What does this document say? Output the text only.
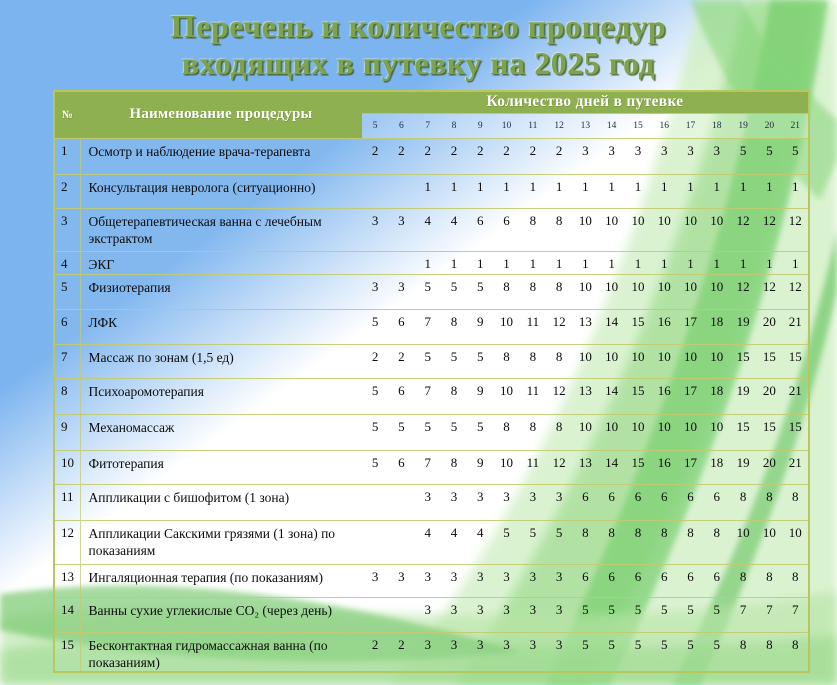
Перечень и количество процедур
входящих в путевку на 2025 год
№	Наименование процедуры	Количество дней в путевке																
		5	6	7	8	9	10	11	12	13	14	15	16	17	18	19	20	21
1	Осмотр и наблюдение врача-терапевта	2	2	2	2	2	2	2	2	3	3	3	3	3	3	5	5	5
2	Консультация невролога (ситуационно)			1	1	1	1	1	1	1	1	1	1	1	1	1	1	1
3	Общетерапевтическая ванна с лечебным экстрактом	3	3	4	4	6	6	8	8	10	10	10	10	10	10	12	12	12
4	ЭКГ			1	1	1	1	1	1	1	1	1	1	1	1	1	1	1
5	Физиотерапия	3	3	5	5	5	8	8	8	10	10	10	10	10	10	12	12	12
6	ЛФК	5	6	7	8	9	10	11	12	13	14	15	16	17	18	19	20	21
7	Массаж по зонам (1,5 ед)	2	2	5	5	5	8	8	8	10	10	10	10	10	10	15	15	15
8	Психоаромотерапия	5	6	7	8	9	10	11	12	13	14	15	16	17	18	19	20	21
9	Механомассаж	5	5	5	5	5	8	8	8	10	10	10	10	10	10	15	15	15
10	Фитотерапия	5	6	7	8	9	10	11	12	13	14	15	16	17	18	19	20	21
11	Аппликации с бишофитом (1 зона)			3	3	3	3	3	3	6	6	6	6	6	6	8	8	8
12	Аппликации Сакскими грязями (1 зона) по показаниям			4	4	4	5	5	5	8	8	8	8	8	8	10	10	10
13	Ингаляционная терапия (по показаниям)	3	3	3	3	3	3	3	3	6	6	6	6	6	6	8	8	8
14	Ванны сухие углекислые СО₂ (через день)			3	3	3	3	3	3	5	5	5	5	5	5	7	7	7
15	Бесконтактная гидромассажная ванна (по показаниям)	2	2	3	3	3	3	3	3	5	5	5	5	5	5	8	8	8
